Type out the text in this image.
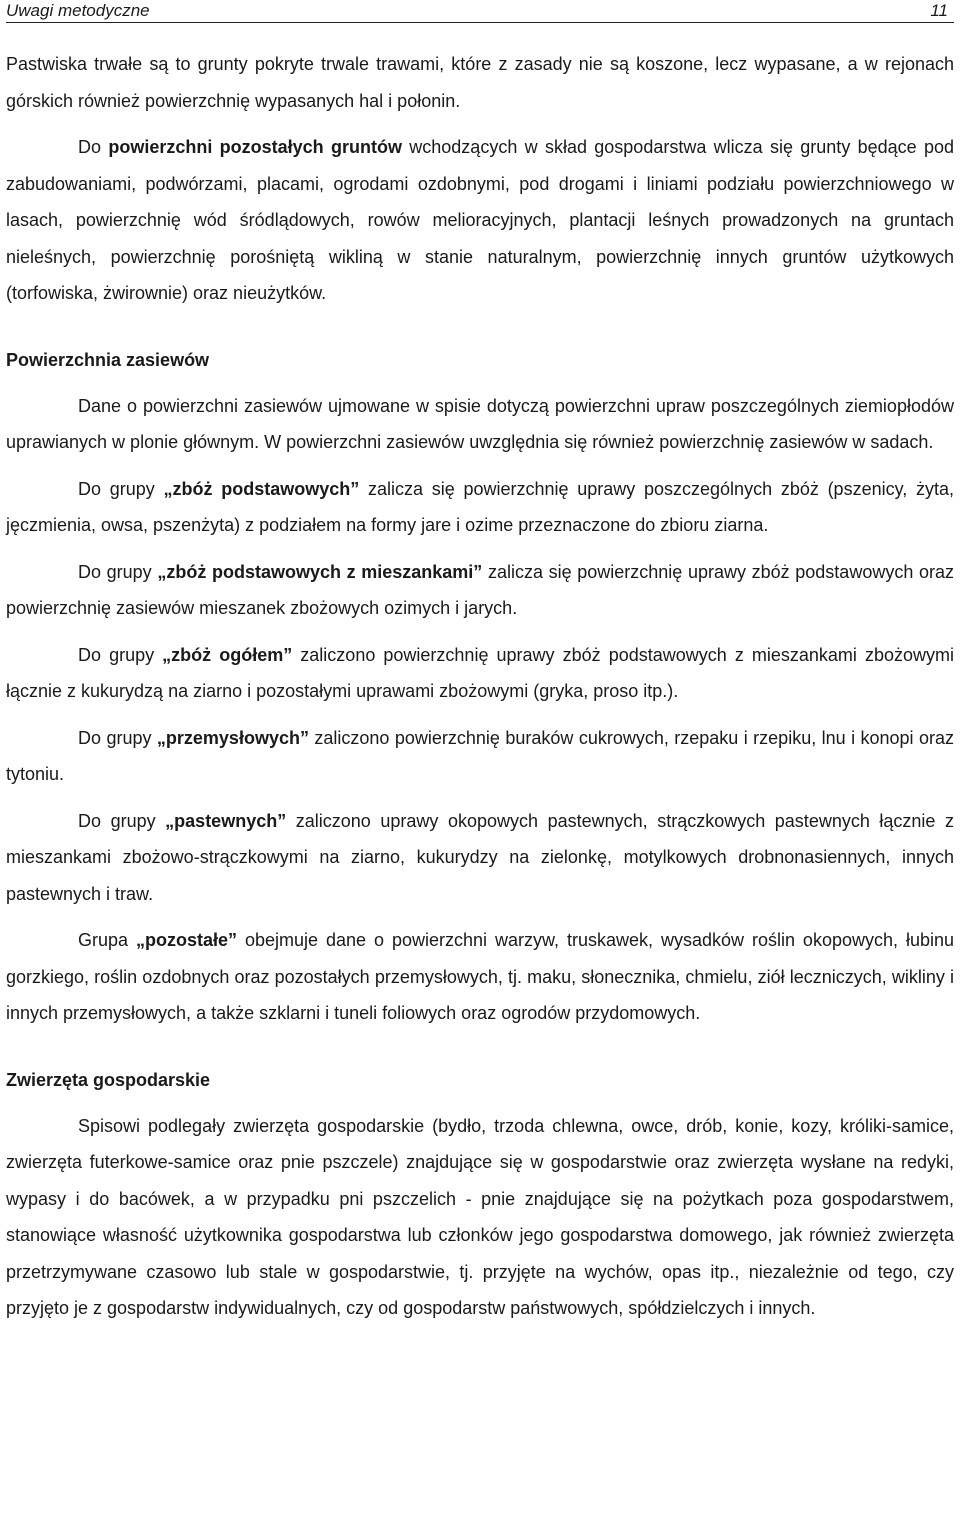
Uwagi metodyczne	11

Pastwiska trwałe są to grunty pokryte trwale trawami, które z zasady nie są koszone, lecz wypasane, a w rejonach górskich również powierzchnię wypasanych hal i połonin.

Do powierzchni pozostałych gruntów wchodzących w skład gospodarstwa wlicza się grunty będące pod zabudowaniami, podwórzami, placami, ogrodami ozdobnymi, pod drogami i liniami podziału powierzchniowego w lasach, powierzchnię wód śródlądowych, rowów melioracyjnych, plantacji leśnych prowadzonych na gruntach nieleśnych, powierzchnię porośniętą wikliną w stanie naturalnym, powierzchnię innych gruntów użytkowych (torfowiska, żwirownie) oraz nieużytków.

Powierzchnia zasiewów

Dane o powierzchni zasiewów ujmowane w spisie dotyczą powierzchni upraw poszczególnych ziemiopłodów uprawianych w plonie głównym. W powierzchni zasiewów uwzględnia się również powierzchnię zasiewów w sadach.

Do grupy „zbóż podstawowych” zalicza się powierzchnię uprawy poszczególnych zbóż (pszenicy, żyta, jęczmienia, owsa, pszenżyta) z podziałem na formy jare i ozime przeznaczone do zbioru ziarna.

Do grupy „zbóż podstawowych z mieszankami” zalicza się powierzchnię uprawy zbóż podstawowych oraz powierzchnię zasiewów mieszanek zbożowych ozimych i jarych.

Do grupy „zbóż ogółem” zaliczono powierzchnię uprawy zbóż podstawowych z mieszankami zbożowymi łącznie z kukurydzą na ziarno i pozostałymi uprawami zbożowymi (gryka, proso itp.).

Do grupy „przemysłowych” zaliczono powierzchnię buraków cukrowych, rzepaku i rzepiku, lnu i konopi oraz tytoniu.

Do grupy „pastewnych” zaliczono uprawy okopowych pastewnych, strączkowych pastewnych łącznie z mieszankami zbożowo-strączkowymi na ziarno, kukurydzy na zielonkę, motylkowych drobnonasiennych, innych pastewnych i traw.

Grupa „pozostałe” obejmuje dane o powierzchni warzyw, truskawek, wysadków roślin okopowych, łubinu gorzkiego, roślin ozdobnych oraz pozostałych przemysłowych, tj. maku, słonecznika, chmielu, ziół leczniczych, wikliny i innych przemysłowych, a także szklarni i tuneli foliowych oraz ogrodów przydomowych.

Zwierzęta gospodarskie

Spisowi podlegały zwierzęta gospodarskie (bydło, trzoda chlewna, owce, drób, konie, kozy, króliki-samice, zwierzęta futerkowe-samice oraz pnie pszczele) znajdujące się w gospodarstwie oraz zwierzęta wysłane na redyki, wypasy i do bacówek, a w przypadku pni pszczelich - pnie znajdujące się na pożytkach poza gospodarstwem, stanowiące własność użytkownika gospodarstwa lub członków jego gospodarstwa domowego, jak również zwierzęta przetrzymywane czasowo lub stale w gospodarstwie, tj. przyjęte na wychów, opas itp., niezależnie od tego, czy przyjęto je z gospodarstw indywidualnych, czy od gospodarstw państwowych, spółdzielczych i innych.
